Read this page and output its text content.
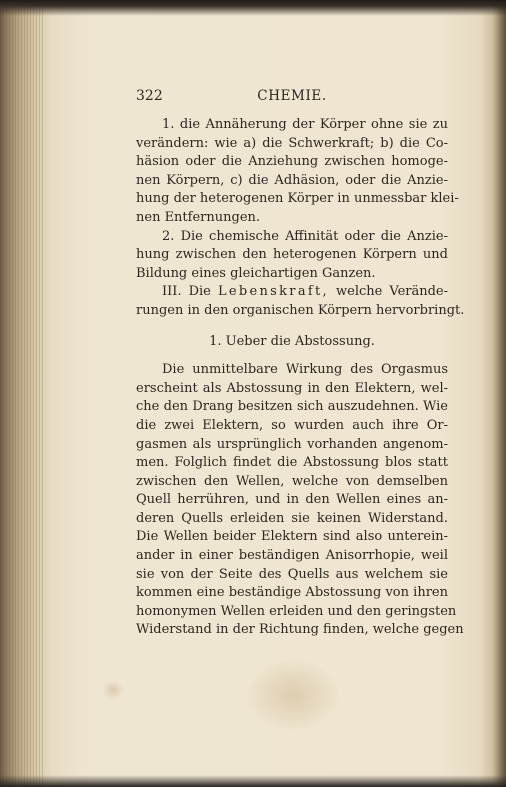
322	CHEMIE.
1. die Annäherung der Körper ohne sie zu
verändern: wie a) die Schwerkraft; b) die Co-
häsion oder die Anziehung zwischen homoge-
nen Körpern, c) die Adhäsion, oder die Anzie-
hung der heterogenen Körper in unmessbar klei-
nen Entfernungen.
2. Die chemische Affinität oder die Anzie-
hung zwischen den heterogenen Körpern und
Bildung eines gleichartigen Ganzen.
III. Die Lebenskraft, welche Verände-
rungen in den organischen Körpern hervorbringt.
1. Ueber die Abstossung.
Die unmittelbare Wirkung des Orgasmus
erscheint als Abstossung in den Elektern, wel-
che den Drang besitzen sich auszudehnen. Wie
die zwei Elektern, so wurden auch ihre Or-
gasmen als ursprünglich vorhanden angenom-
men. Folglich findet die Abstossung blos statt
zwischen den Wellen, welche von demselben
Quell herrühren, und in den Wellen eines an-
deren Quells erleiden sie keinen Widerstand.
Die Wellen beider Elektern sind also unterein-
ander in einer beständigen Anisorrhopie, weil
sie von der Seite des Quells aus welchem sie
kommen eine beständige Abstossung von ihren
homonymen Wellen erleiden und den geringsten
Widerstand in der Richtung finden, welche gegen
